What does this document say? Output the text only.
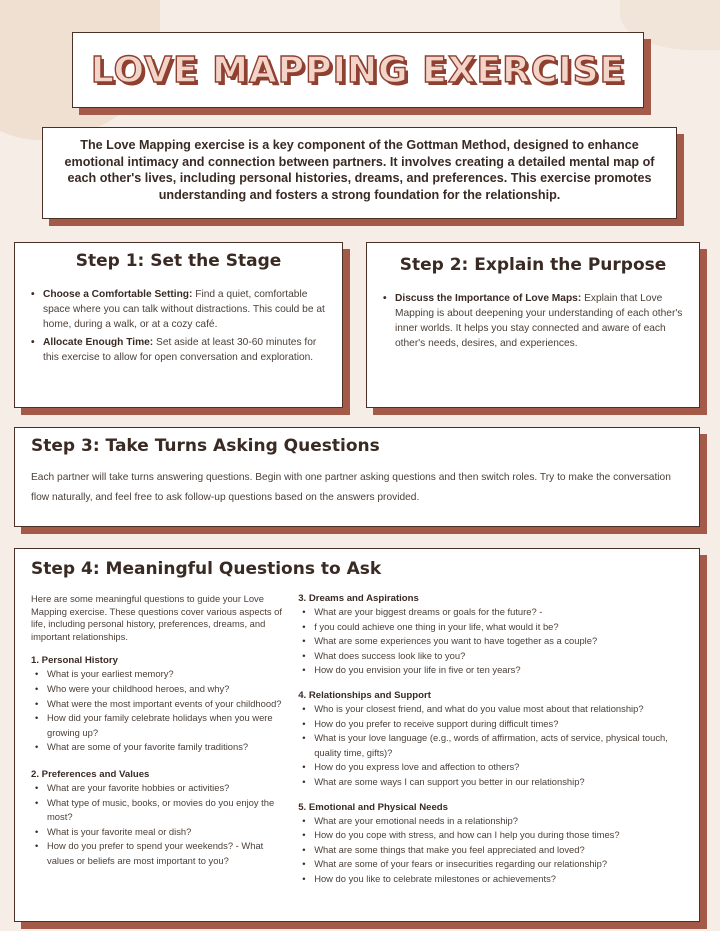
LOVE MAPPING EXERCISE

The Love Mapping exercise is a key component of the Gottman Method, designed to enhance emotional intimacy and connection between partners. It involves creating a detailed mental map of each other's lives, including personal histories, dreams, and preferences. This exercise promotes understanding and fosters a strong foundation for the relationship.

Step 1: Set the Stage
• Choose a Comfortable Setting: Find a quiet, comfortable space where you can talk without distractions. This could be at home, during a walk, or at a cozy café.
• Allocate Enough Time: Set aside at least 30-60 minutes for this exercise to allow for open conversation and exploration.
Step 2: Explain the Purpose
• Discuss the Importance of Love Maps: Explain that Love Mapping is about deepening your understanding of each other's inner worlds. It helps you stay connected and aware of each other's needs, desires, and experiences.
Step 3: Take Turns Asking Questions

Each partner will take turns answering questions. Begin with one partner asking questions and then switch roles. Try to make the conversation flow naturally, and feel free to ask follow-up questions based on the answers provided.

Step 4: Meaningful Questions to Ask

Here are some meaningful questions to guide your Love Mapping exercise. These questions cover various aspects of life, including personal history, preferences, dreams, and important relationships.

1. Personal History
• What is your earliest memory?
• Who were your childhood heroes, and why?
• What were the most important events of your childhood?
• How did your family celebrate holidays when you were growing up?
• What are some of your favorite family traditions?
2. Preferences and Values
• What are your favorite hobbies or activities?
• What type of music, books, or movies do you enjoy the most?
• What is your favorite meal or dish?
• How do you prefer to spend your weekends? - What values or beliefs are most important to you?
3. Dreams and Aspirations
• What are your biggest dreams or goals for the future? -
• f you could achieve one thing in your life, what would it be?
• What are some experiences you want to have together as a couple?
• What does success look like to you?
• How do you envision your life in five or ten years?
4. Relationships and Support
• Who is your closest friend, and what do you value most about that relationship?
• How do you prefer to receive support during difficult times?
• What is your love language (e.g., words of affirmation, acts of service, physical touch, quality time, gifts)?
• How do you express love and affection to others?
• What are some ways I can support you better in our relationship?
5. Emotional and Physical Needs
• What are your emotional needs in a relationship?
• How do you cope with stress, and how can I help you during those times?
• What are some things that make you feel appreciated and loved?
• What are some of your fears or insecurities regarding our relationship?
• How do you like to celebrate milestones or achievements?
